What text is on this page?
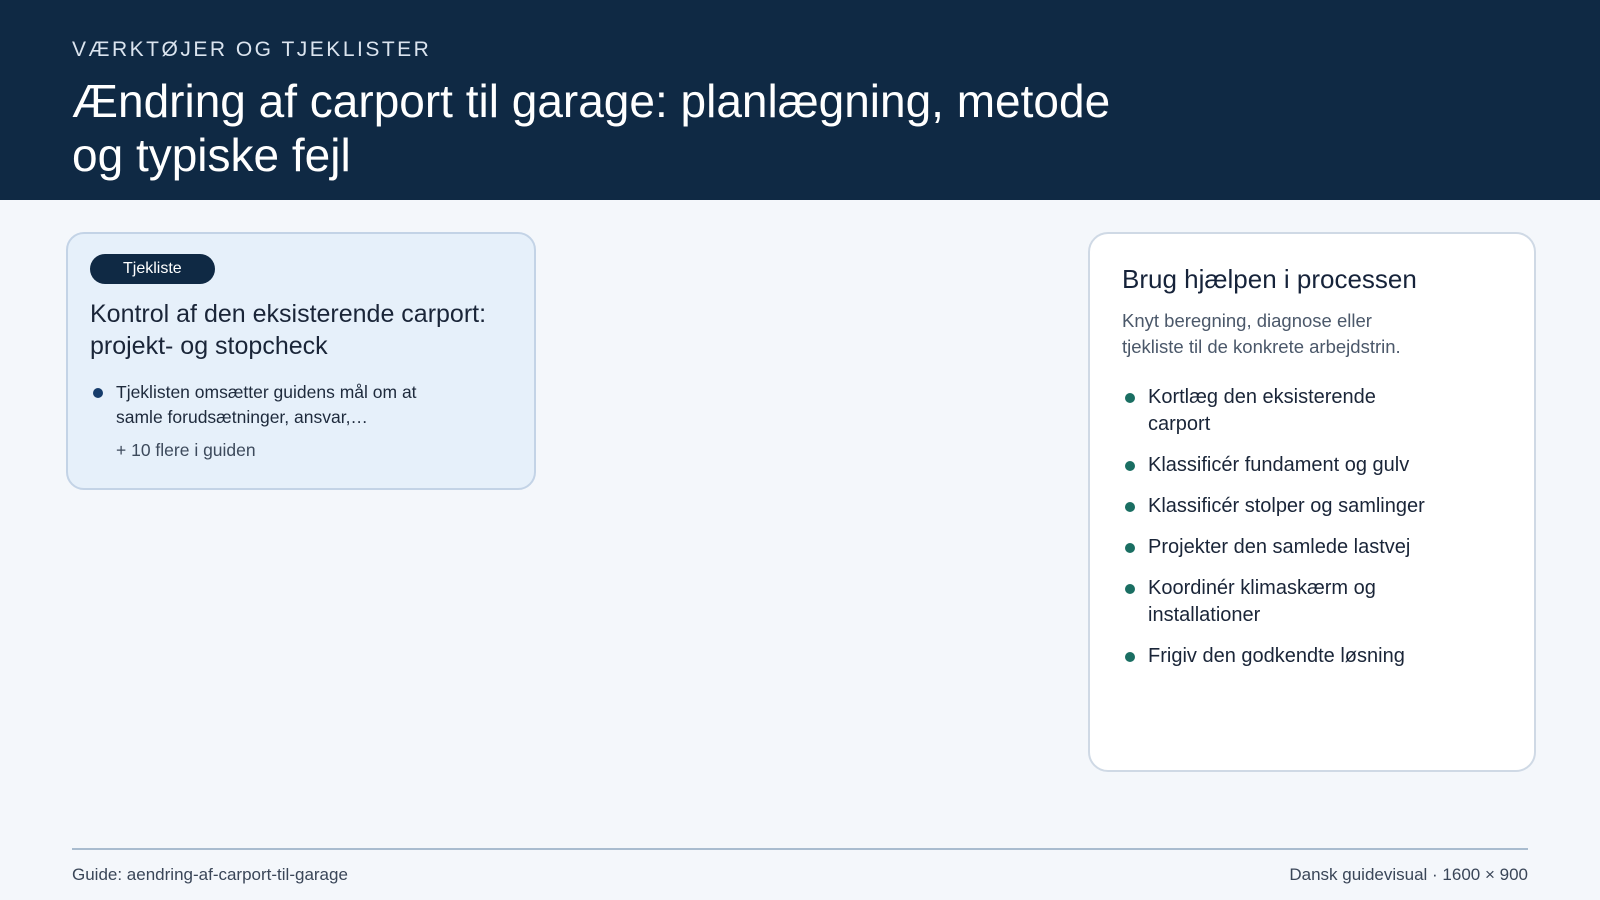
VÆRKTØJER OG TJEKLISTER
Ændring af carport til garage: planlægning, metode og typiske fejl
Tjekliste
Kontrol af den eksisterende carport: projekt- og stopcheck
Tjeklisten omsætter guidens mål om at samle forudsætninger, ansvar,…
+ 10 flere i guiden
Brug hjælpen i processen

Knyt beregning, diagnose eller tjekliste til de konkrete arbejdstrin.

Kortlæg den eksisterende carport
Klassificér fundament og gulv
Klassificér stolper og samlinger
Projekter den samlede lastvej
Koordinér klimaskærm og installationer
Frigiv den godkendte løsning
Guide: aendring-af-carport-til-garage	Dansk guidevisual · 1600 × 900
